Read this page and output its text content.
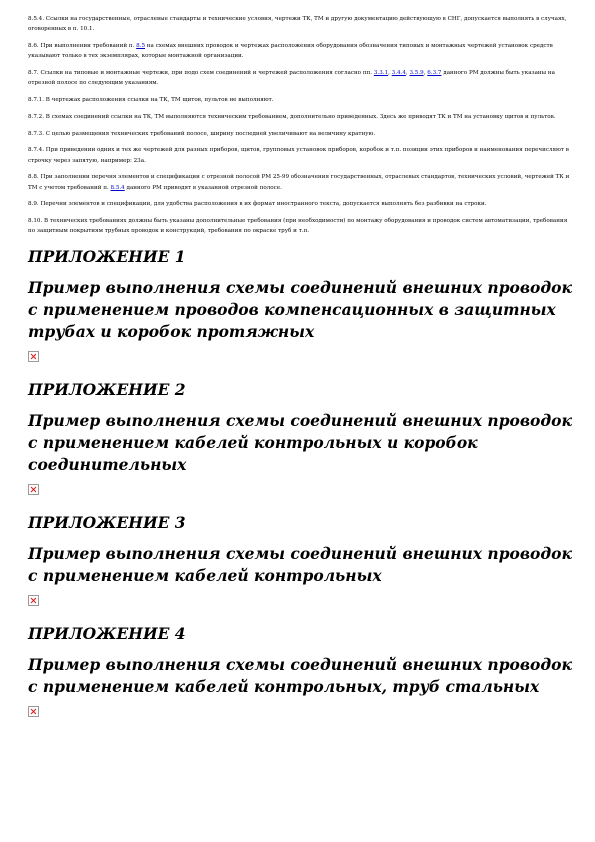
8.5.4. Ссылки на государственные, отраслевые стандарты и технические условия, чертежи ТК, ТМ и другую документацию действующую в СНГ, допускается выполнять в случаях, оговоренных в п. 10.1.

8.6. При выполнении требований п. 8.5 на схемах внешних проводок и чертежах расположения оборудования обозначения типовых и монтажных чертежей установок средств указывают только в тех экземплярах, которые монтажной организации.

8.7. Ссылки на типовые и монтажные чертежи, при подо схем соединений и чертежей расположения согласно пп. 3.3.1, 3.4.4, 3.5.9, 6.3.7 данного РМ должны быть указаны на отрезной полосе по следующим указаниям.

8.7.1. В чертежах расположения ссылки на ТК, ТМ щитов, пультов не выполняют.

8.7.2. В схемах соединений ссылки на ТК, ТМ выполняются техническим требованием, дополнительно приведенных. Здесь же приводят ТК и ТМ на установку щитов и пультов.

8.7.3. С целью размещения технических требований полосе, ширину последней увеличивают на величину кратную.

8.7.4. При приведении одних и тех же чертежей для разных приборов, щитов, групповых установок приборов, коробок и т.п. позиции этих приборов и наименования перечисляют в строчку через запятую, например: 23а.

8.8. При заполнении перечня элементов и спецификации с отрезной полосой РМ 25-99 обозначения государственных, отраслевых стандартов, технических условий, чертежей ТК и ТМ с учетом требований п. 8.5.4 данного РМ приводят в указанной отрезной полосе.

8.9. Перечни элементов и спецификации, для удобства расположения в их формат иностранного текста, допускается выполнять без разбивки на строки.

8.10. В технических требованиях должны быть указаны дополнительные требования (при необходимости) по монтажу оборудования и проводок систем автоматизации, требования по защитным покрытиям трубных проводок и конструкций, требования по окраске труб и т.п.

ПРИЛОЖЕНИЕ 1
Пример выполнения схемы соединений внешних проводок с применением проводов компенсационных в защитных трубах и коробок протяжных
ПРИЛОЖЕНИЕ 2
Пример выполнения схемы соединений внешних проводок с применением кабелей контрольных и коробок соединительных
ПРИЛОЖЕНИЕ 3
Пример выполнения схемы соединений внешних проводок с применением кабелей контрольных
ПРИЛОЖЕНИЕ 4
Пример выполнения схемы соединений внешних проводок с применением кабелей контрольных, труб стальных
